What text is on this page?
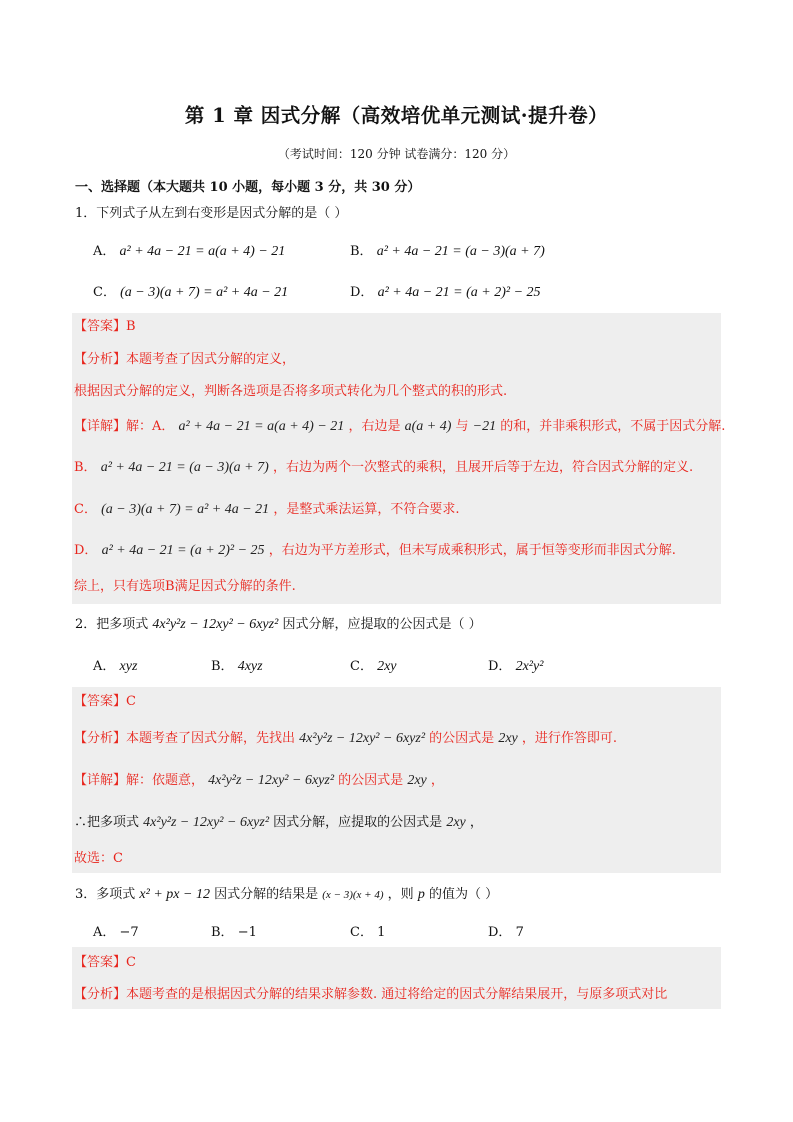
第 1 章 因式分解（高效培优单元测试·提升卷）
（考试时间：120 分钟 试卷满分：120 分）
一、选择题（本大题共 10 小题，每小题 3 分，共 30 分）
1．下列式子从左到右变形是因式分解的是（ ）
A． a² + 4a − 21 = a(a + 4) − 21	B． a² + 4a − 21 = (a − 3)(a + 7)
C． (a − 3)(a + 7) = a² + 4a − 21	D． a² + 4a − 21 = (a + 2)² − 25
【答案】B
【分析】本题考查了因式分解的定义，
根据因式分解的定义，判断各选项是否将多项式转化为几个整式的积的形式.
【详解】解：A． a² + 4a − 21 = a(a + 4) − 21 ，右边是 a(a + 4) 与 −21 的和，并非乘积形式，不属于因式分解.
B． a² + 4a − 21 = (a − 3)(a + 7) ，右边为两个一次整式的乘积，且展开后等于左边，符合因式分解的定义.
C． (a − 3)(a + 7) = a² + 4a − 21 ，是整式乘法运算，不符合要求.
D． a² + 4a − 21 = (a + 2)² − 25 ，右边为平方差形式，但未写成乘积形式，属于恒等变形而非因式分解.
综上，只有选项B满足因式分解的条件.
2．把多项式 4x²y²z − 12xy² − 6xyz² 因式分解，应提取的公因式是（ ）
A． xyz	B． 4xyz	C． 2xy	D． 2x²y²
【答案】C
【分析】本题考查了因式分解，先找出 4x²y²z − 12xy² − 6xyz² 的公因式是 2xy ，进行作答即可.
【详解】解：依题意， 4x²y²z − 12xy² − 6xyz² 的公因式是 2xy ，
∴把多项式 4x²y²z − 12xy² − 6xyz² 因式分解，应提取的公因式是 2xy ，
故选：C
3．多项式 x² + px − 12 因式分解的结果是 (x − 3)(x + 4) ，则 p 的值为（ ）
A． −7	B． −1	C． 1	D． 7
【答案】C
【分析】本题考查的是根据因式分解的结果求解参数. 通过将给定的因式分解结果展开，与原多项式对比
